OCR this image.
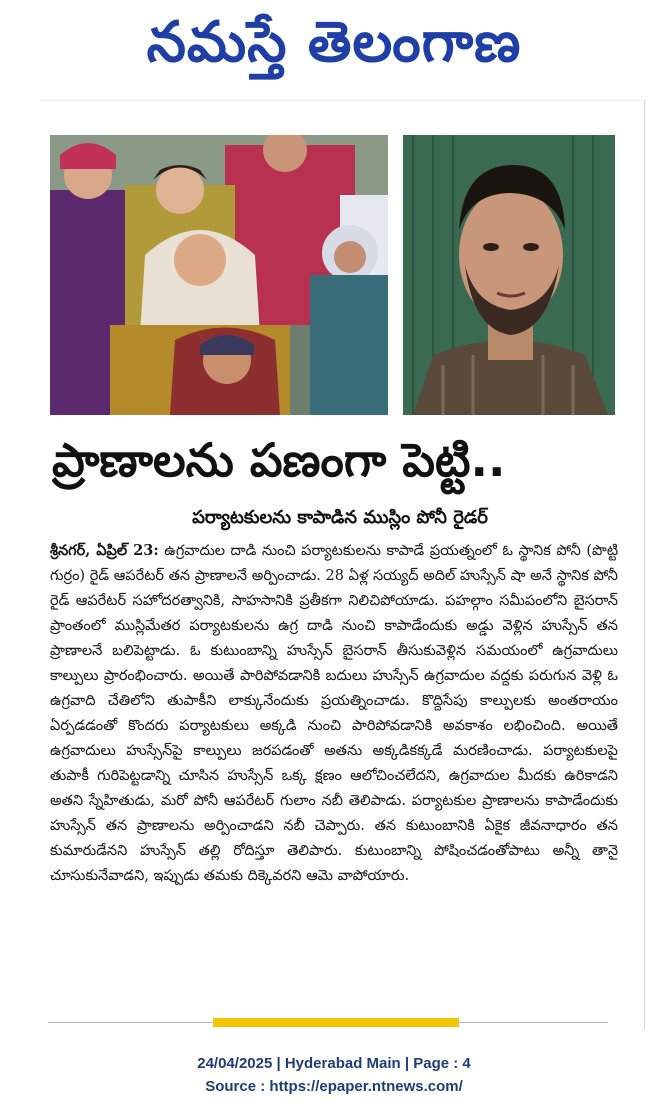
నమస్తే తెలంగాణ
ప్రాణాలను పణంగా పెట్టి..
పర్యాటకులను కాపాడిన ముస్లిం పోనీ రైడర్
శ్రీనగర్, ఏప్రిల్ 23: ఉగ్రవాదుల దాడి నుంచి పర్యాటకులను కాపాడే ప్రయత్నంలో ఓ స్థానిక పోనీ (పొట్టి గుర్రం) రైడ్ ఆపరేటర్ తన ప్రాణాలనే అర్పించాడు. 28 ఏళ్ల సయ్యద్ అదిల్ హుస్సేన్ షా అనే స్థానిక పోనీ రైడ్ ఆపరేటర్ సహోదరత్వానికి, సాహసానికి ప్రతీకగా నిలిచిపోయాడు. పహల్గాం సమీపంలోని బైసరాన్ ప్రాంతంలో ముస్లిమేతర పర్యాటకులను ఉగ్ర దాడి నుంచి కాపాడేందుకు అడ్డు వెళ్లిన హుస్సేన్ తన ప్రాణాలనే బలిపెట్టాడు. ఓ కుటుంబాన్ని హుస్సేన్ బైసరాన్ తీసుకువెళ్లిన సమయంలో ఉగ్రవాదులు కాల్పులు ప్రారంభించారు. అయితే పారిపోవడానికి బదులు హుస్సేన్ ఉగ్రవాదుల వద్దకు పరుగున వెళ్లి ఓ ఉగ్రవాది చేతిలోని తుపాకీని లాక్కునేందుకు ప్రయత్నించాడు. కొద్దిసేపు కాల్పులకు అంతరాయం ఏర్పడడంతో కొందరు పర్యాటకులు అక్కడి నుంచి పారిపోవడానికి అవకాశం లభించింది. అయితే ఉగ్రవాదులు హుస్సేన్‌పై కాల్పులు జరపడంతో అతను అక్కడికక్కడే మరణించాడు. పర్యాటకులపై తుపాకీ గురిపెట్టడాన్ని చూసిన హుస్సేన్ ఒక్క క్షణం ఆలోచించలేదని, ఉగ్రవాదుల మీదకు ఉరికాడని అతని స్నేహితుడు, మరో పోనీ ఆపరేటర్ గులాం నబీ తెలిపాడు. పర్యాటకుల ప్రాణాలను కాపాడేందుకు హుస్సేన్ తన ప్రాణాలను అర్పించాడని నబీ చెప్పారు. తన కుటుంబానికి ఏకైక జీవనాధారం తన కుమారుడేనని హుస్సేన్ తల్లి రోదిస్తూ తెలిపారు. కుటుంబాన్ని పోషించడంతోపాటు అన్నీ తానై చూసుకునేవాడని, ఇప్పుడు తమకు దిక్కెవరని ఆమె వాపోయారు.
24/04/2025 | Hyderabad Main | Page : 4
Source : https://epaper.ntnews.com/
